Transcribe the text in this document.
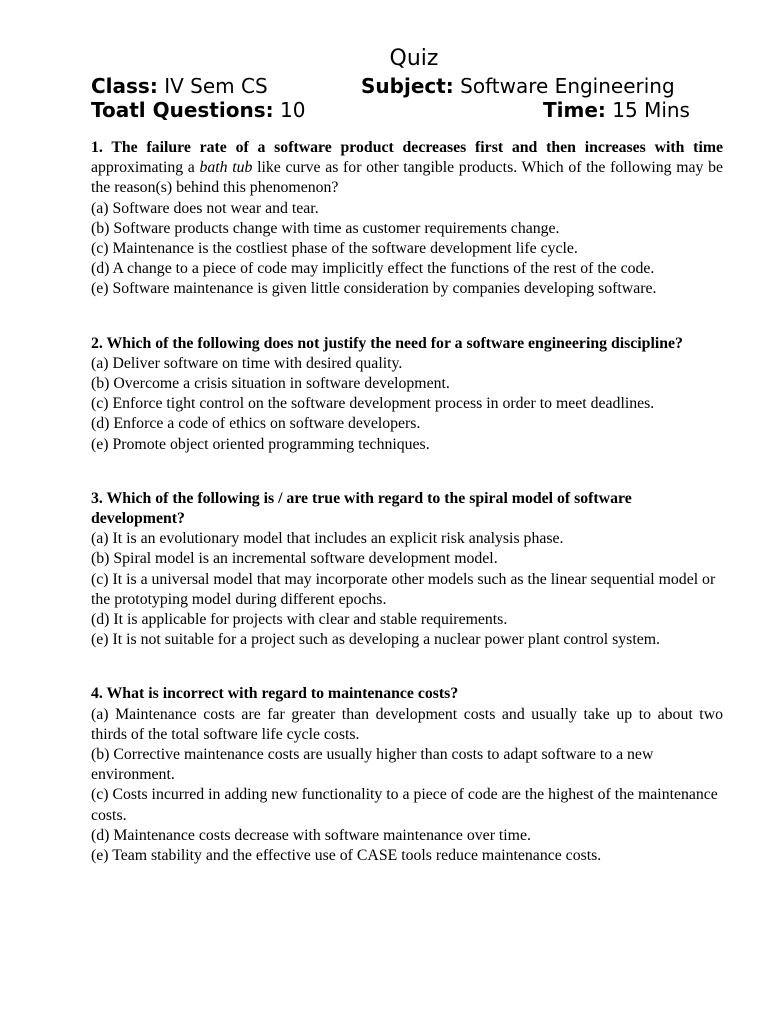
Quiz
Class: IV Sem CS	Subject: Software Engineering
Toatl Questions: 10	Time: 15 Mins

1. The failure rate of a software product decreases first and then increases with time approximating a bath tub like curve as for other tangible products. Which of the following may be the reason(s) behind this phenomenon?

(a) Software does not wear and tear.

(b) Software products change with time as customer requirements change.

(c) Maintenance is the costliest phase of the software development life cycle.

(d) A change to a piece of code may implicitly effect the functions of the rest of the code.

(e) Software maintenance is given little consideration by companies developing software.

2. Which of the following does not justify the need for a software engineering discipline?

(a) Deliver software on time with desired quality.

(b) Overcome a crisis situation in software development.

(c) Enforce tight control on the software development process in order to meet deadlines.

(d) Enforce a code of ethics on software developers.

(e) Promote object oriented programming techniques.

3. Which of the following is / are true with regard to the spiral model of software development?

(a) It is an evolutionary model that includes an explicit risk analysis phase.

(b) Spiral model is an incremental software development model.

(c) It is a universal model that may incorporate other models such as the linear sequential model or the prototyping model during different epochs.

(d) It is applicable for projects with clear and stable requirements.

(e) It is not suitable for a project such as developing a nuclear power plant control system.

4. What is incorrect with regard to maintenance costs?

(a) Maintenance costs are far greater than development costs and usually take up to about two thirds of the total software life cycle costs.

(b) Corrective maintenance costs are usually higher than costs to adapt software to a new environment.

(c) Costs incurred in adding new functionality to a piece of code are the highest of the maintenance costs.

(d) Maintenance costs decrease with software maintenance over time.

(e) Team stability and the effective use of CASE tools reduce maintenance costs.
